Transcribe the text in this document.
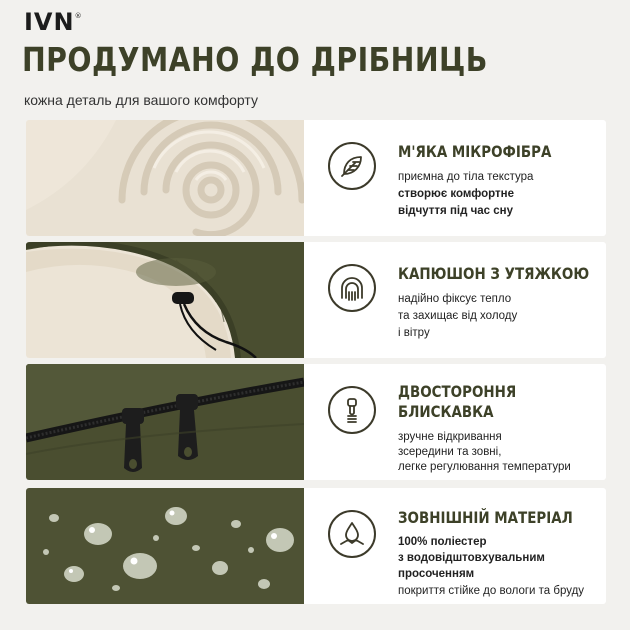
IVN®
ПРОДУМАНО ДО ДРІБНИЦЬ
кожна деталь для вашого комфорту
М'ЯКА МІКРОФІБРА
приємна до тіла текстура
створює комфортне
відчуття під час сну
КАПЮШОН З УТЯЖКОЮ
надійно фіксує тепло
та захищає від холоду
і вітру
ДВОСТОРОННЯ
БЛИСКАВКА
зручне відкривання
зсередини та зовні,
легке регулювання температури
ЗОВНІШНІЙ МАТЕРІАЛ
100% поліестер
з водовідштовхувальним
просоченням
покриття стійке до вологи та бруду
